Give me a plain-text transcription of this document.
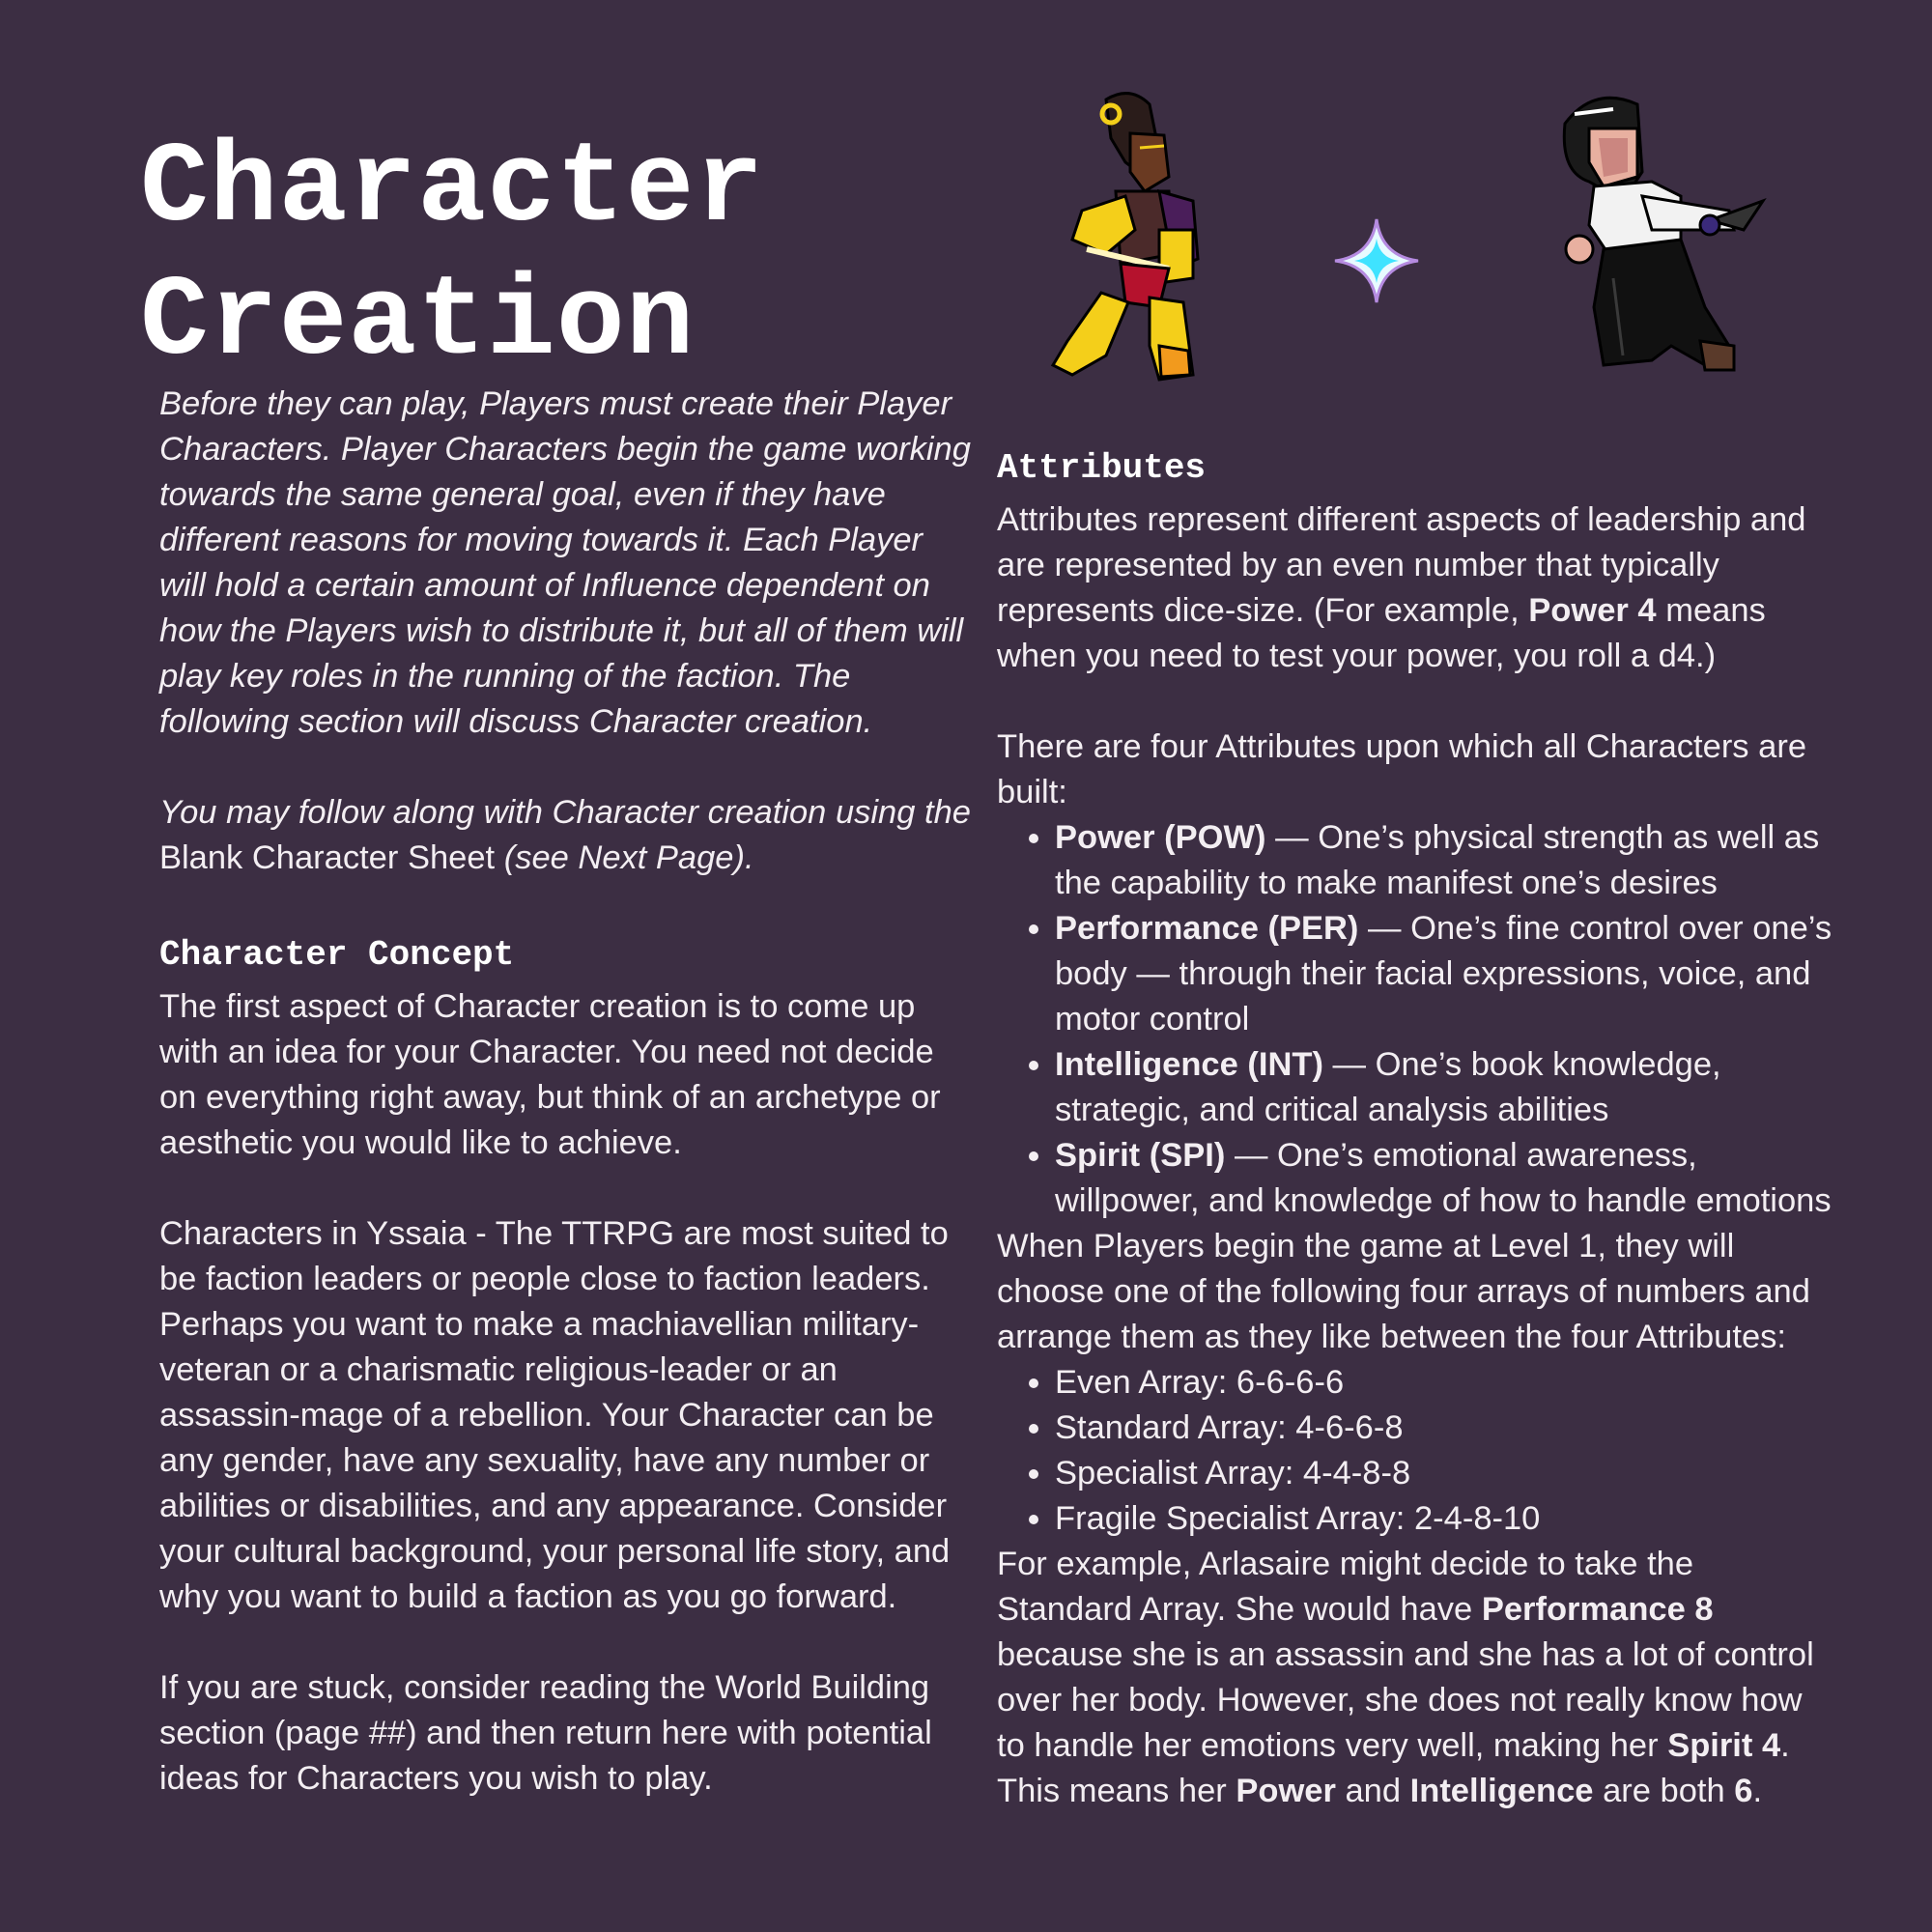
Character
Creation

Before they can play, Players must create their Player Characters. Player Characters begin the game working towards the same general goal, even if they have different reasons for moving towards it. Each Player will hold a certain amount of Influence dependent on how the Players wish to distribute it, but all of them will play key roles in the running of the faction. The following section will discuss Character creation.

You may follow along with Character creation using the Blank Character Sheet (see Next Page).

Character Concept

The first aspect of Character creation is to come up with an idea for your Character. You need not decide on everything right away, but think of an archetype or aesthetic you would like to achieve.

Characters in Yssaia - The TTRPG are most suited to be faction leaders or people close to faction leaders. Perhaps you want to make a machiavellian military-veteran or a charismatic religious-leader or an assassin-mage of a rebellion. Your Character can be any gender, have any sexuality, have any number or abilities or disabilities, and any appearance. Consider your cultural background, your personal life story, and why you want to build a faction as you go forward.

If you are stuck, consider reading the World Building section (page ##) and then return here with potential ideas for Characters you wish to play.

Attributes

Attributes represent different aspects of leadership and are represented by an even number that typically represents dice-size. (For example, Power 4 means when you need to test your power, you roll a d4.)

There are four Attributes upon which all Characters are built:

• Power (POW) — One’s physical strength as well as the capability to make manifest one’s desires
• Performance (PER) — One’s fine control over one’s body — through their facial expressions, voice, and motor control
• Intelligence (INT) — One’s book knowledge, strategic, and critical analysis abilities
• Spirit (SPI) — One’s emotional awareness, willpower, and knowledge of how to handle emotions

When Players begin the game at Level 1, they will choose one of the following four arrays of numbers and arrange them as they like between the four Attributes:

• Even Array: 6-6-6-6
• Standard Array: 4-6-6-8
• Specialist Array: 4-4-8-8
• Fragile Specialist Array: 2-4-8-10

For example, Arlasaire might decide to take the Standard Array. She would have Performance 8 because she is an assassin and she has a lot of control over her body. However, she does not really know how to handle her emotions very well, making her Spirit 4. This means her Power and Intelligence are both 6.
